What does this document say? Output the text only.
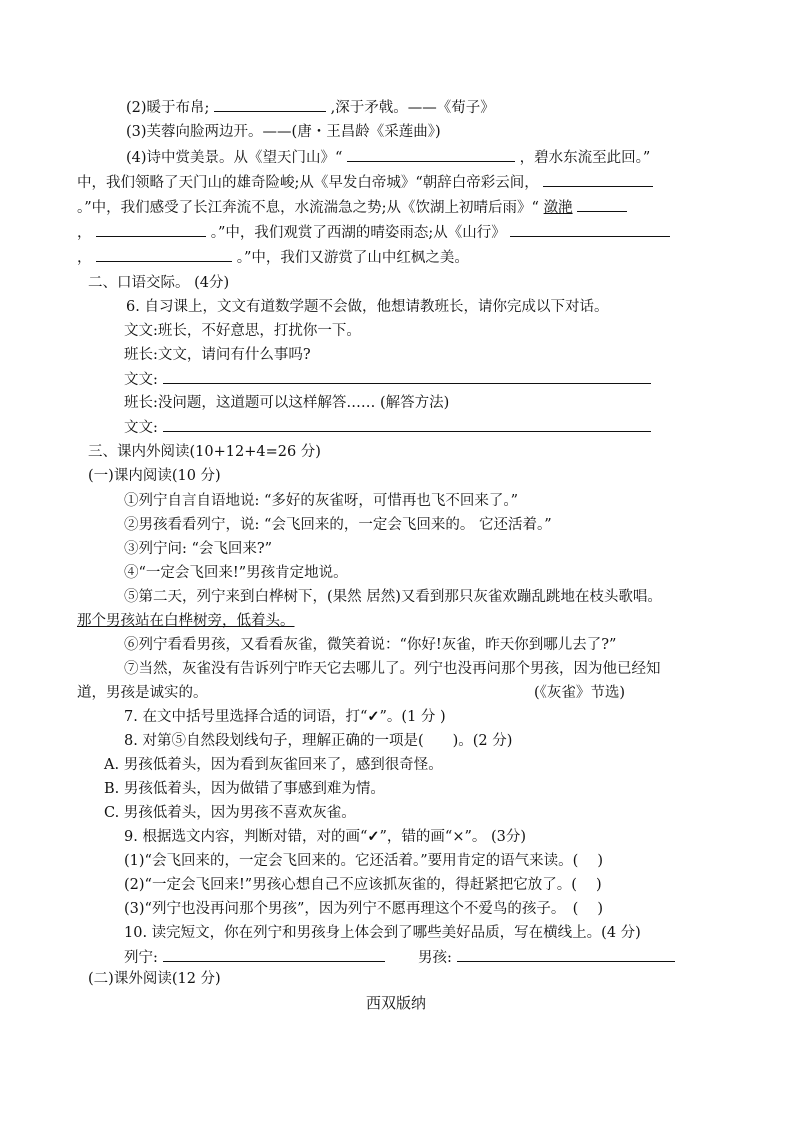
(2)暖于布帛;	,深于矛戟。——《荀子》
(3)芙蓉向脸两边开。——(唐・王昌龄《采莲曲》)
(4)诗中赏美景。从《望天门山》“	，碧水东流至此回。”
中，我们领略了天门山的雄奇险峻;从《早发白帝城》“朝辞白帝彩云间，
。”中，我们感受了长江奔流不息，水流湍急之势;从《饮湖上初晴后雨》“ 潋滟
，	。”中，我们观赏了西湖的晴姿雨态;从《山行》
，	。”中，我们又游赏了山中红枫之美。
二、口语交际。 (4分)
6. 自习课上，文文有道数学题不会做，他想请教班长，请你完成以下对话。
文文:班长，不好意思，打扰你一下。
班长:文文，请问有什么事吗?
文文:
班长:没问题，这道题可以这样解答…… (解答方法)
文文:
三、课内外阅读(10+12+4=26 分)
(一)课内阅读(10 分)
①列宁自言自语地说: “多好的灰雀呀，可惜再也飞不回来了。”
②男孩看看列宁，说: “会飞回来的，一定会飞回来的。 它还活着。”
③列宁问: “会飞回来?”
④“一定会飞回来!”男孩肯定地说。
⑤第二天，列宁来到白桦树下，(果然 居然)又看到那只灰雀欢蹦乱跳地在枝头歌唱。
那个男孩站在白桦树旁，低着头。
⑥列宁看看男孩，又看看灰雀，微笑着说：“你好!灰雀，昨天你到哪儿去了?”
⑦当然，灰雀没有告诉列宁昨天它去哪儿了。列宁也没再问那个男孩，因为他已经知
道，男孩是诚实的。	(《灰雀》节选)
7. 在文中括号里选择合适的词语，打“✓”。(1 分 )
8. 对第⑤自然段划线句子，理解正确的一项是(　　)。(2 分)
A. 男孩低着头，因为看到灰雀回来了，感到很奇怪。
B. 男孩低着头，因为做错了事感到难为情。
C. 男孩低着头，因为男孩不喜欢灰雀。
9. 根据选文内容，判断对错，对的画“✓”，错的画“×”。 (3分)
(1)“会飞回来的，一定会飞回来的。它还活着。”要用肯定的语气来读。(　 )
(2)“一定会飞回来!”男孩心想自己不应该抓灰雀的，得赶紧把它放了。(　 )
(3)“列宁也没再问那个男孩”，因为列宁不愿再理这个不爱鸟的孩子。　(　 )
10. 读完短文，你在列宁和男孩身上体会到了哪些美好品质，写在横线上。(4 分)
列宁:	男孩:
(二)课外阅读(12 分)
西双版纳
